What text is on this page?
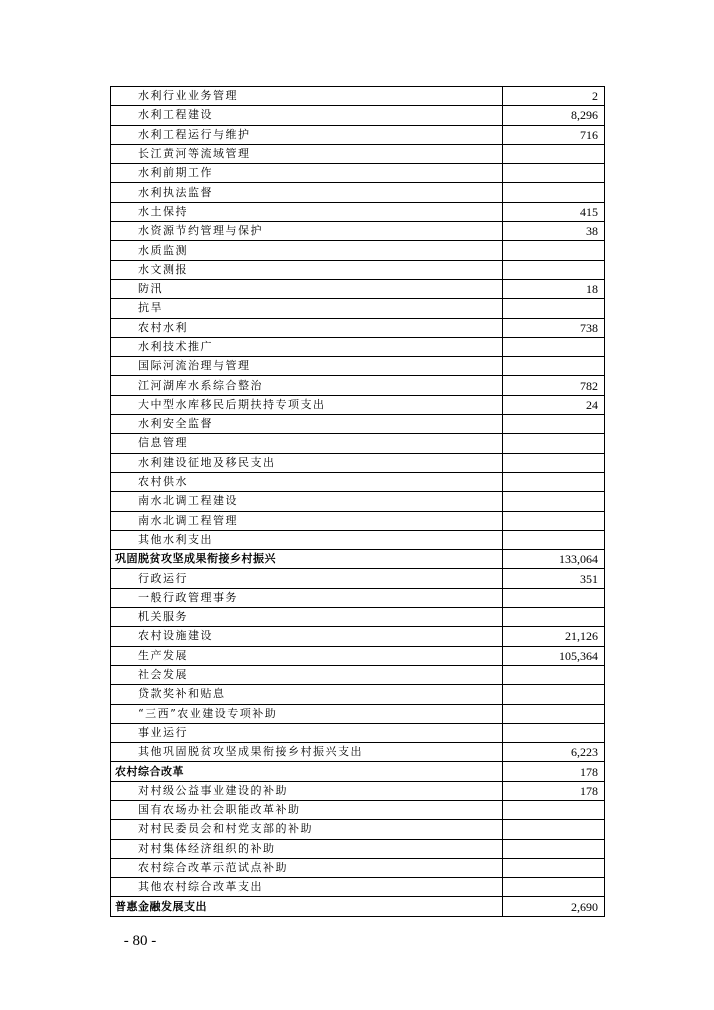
水利行业业务管理	2
水利工程建设	8,296
水利工程运行与维护	716
长江黄河等流域管理	
水利前期工作	
水利执法监督	
水土保持	415
水资源节约管理与保护	38
水质监测	
水文测报	
防汛	18
抗旱	
农村水利	738
水利技术推广	
国际河流治理与管理	
江河湖库水系综合整治	782
大中型水库移民后期扶持专项支出	24
水利安全监督	
信息管理	
水利建设征地及移民支出	
农村供水	
南水北调工程建设	
南水北调工程管理	
其他水利支出	
巩固脱贫攻坚成果衔接乡村振兴	133,064
行政运行	351
一般行政管理事务	
机关服务	
农村设施建设	21,126
生产发展	105,364
社会发展	
贷款奖补和贴息	
“三西”农业建设专项补助	
事业运行	
其他巩固脱贫攻坚成果衔接乡村振兴支出	6,223
农村综合改革	178
对村级公益事业建设的补助	178
国有农场办社会职能改革补助	
对村民委员会和村党支部的补助	
对村集体经济组织的补助	
农村综合改革示范试点补助	
其他农村综合改革支出	
普惠金融发展支出	2,690
- 80 -
